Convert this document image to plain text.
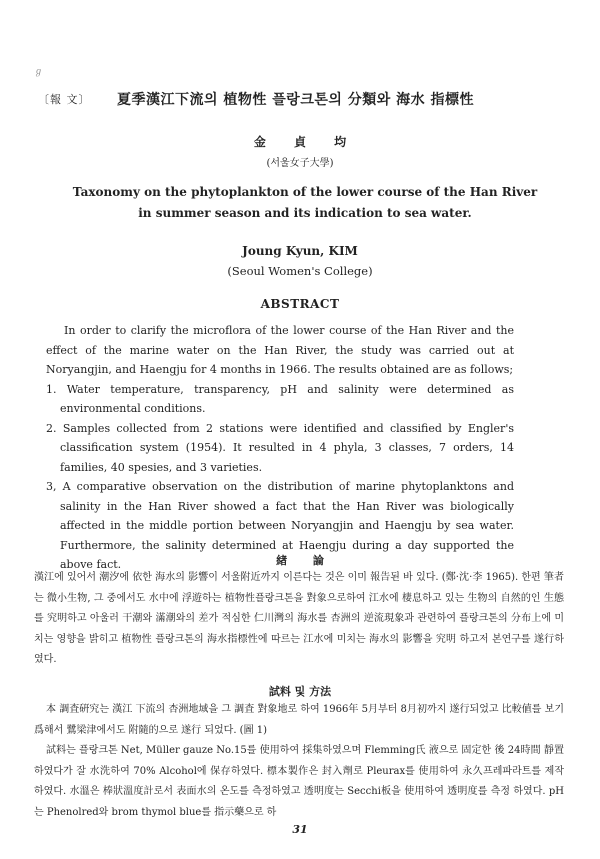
ℊ
〔報 文〕 夏季漢江下流의 植物性 플랑크톤의 分類와 海水 指標性
金 貞 均
(서울女子大學)
Taxonomy on the phytoplankton of the lower course of the Han River
in summer season and its indication to sea water.
Joung Kyun, KIM
(Seoul Women's College)
ABSTRACT

In order to clarify the microflora of the lower course of the Han River and the effect of the marine water on the Han River, the study was carried out at Noryangjin, and Haengju for 4 months in 1966. The results obtained are as follows;

1. Water temperature, transparency, pH and salinity were determined as environmental conditions.
2. Samples collected from 2 stations were identified and classified by Engler's classification system (1954). It resulted in 4 phyla, 3 classes, 7 orders, 14 families, 40 spesies, and 3 varieties.
3, A comparative observation on the distribution of marine phytoplanktons and salinity in the Han River showed a fact that the Han River was biologically affected in the middle portion between Noryangjin and Haengju by sea water. Furthermore, the salinity determined at Haengju during a day supported the above fact.	緖 論

漢江에 있어서 潮汐에 依한 海水의 影響이 서울附近까지 이른다는 것은 이미 報告된 바 있다. (鄭·沈·李 1965). 한편 筆者는 微小生物, 그 중에서도 水中에 浮遊하는 植物性플랑크톤을 對象으로하여 江水에 棲息하고 있는 生物의 自然的인 生態를 究明하고 아울러 干潮와 滿潮와의 差가 적심한 仁川灣의 海水를 杏洲의 逆流現象과 관련하여 플랑크톤의 分布上에 미치는 영향을 밝히고 植物性 플랑크톤의 海水指標性에 따르는 江水에 미치는 海水의 影響을 究明 하고저 본연구를 遂行하였다.

試料 및 方法

本 調査硏究는 漢江 下流의 杏洲地域을 그 調査 對象地로 하여 1966年 5月부터 8月初까지 遂行되었고 比較値를 보기 爲해서 鷺梁津에서도 附隨的으로 遂行 되었다. (圖 1)

試料는 플랑크톤 Net, Müller gauze No.15를 使用하여 採集하였으며 Flemming氏 液으로 固定한 後 24時間 靜置하였다가 잘 水洗하여 70% Alcohol에 保存하였다. 標本製作은 封入劑로 Pleurax를 使用하여 永久프레파라트를 제작 하였다. 水溫은 棒狀溫度計로서 表面水의 온도를 측정하였고 透明度는 Secchi板을 使用하여 透明度를 측정 하였다. pH는 Phenolred와 brom thymol blue를 指示藥으로 하

31
